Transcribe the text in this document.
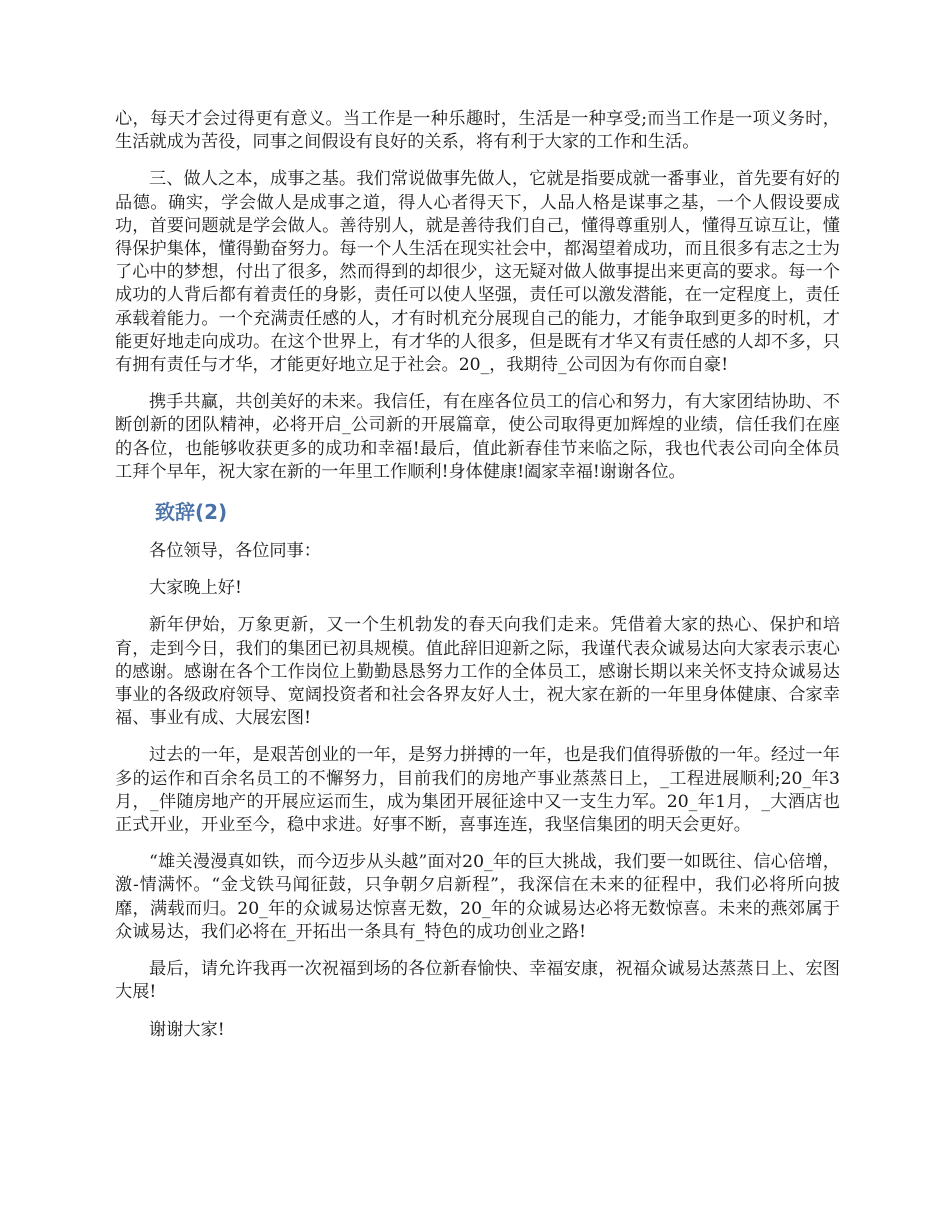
心，每天才会过得更有意义。当工作是一种乐趣时，生活是一种享受;而当工作是一项义务时，生活就成为苦役，同事之间假设有良好的关系，将有利于大家的工作和生活。

三、做人之本，成事之基。我们常说做事先做人，它就是指要成就一番事业，首先要有好的品德。确实，学会做人是成事之道，得人心者得天下，人品人格是谋事之基，一个人假设要成功，首要问题就是学会做人。善待别人，就是善待我们自己，懂得尊重别人，懂得互谅互让，懂得保护集体，懂得勤奋努力。每一个人生活在现实社会中，都渴望着成功，而且很多有志之士为了心中的梦想，付出了很多，然而得到的却很少，这无疑对做人做事提出来更高的要求。每一个成功的人背后都有着责任的身影，责任可以使人坚强，责任可以激发潜能，在一定程度上，责任承载着能力。一个充满责任感的人，才有时机充分展现自己的能力，才能争取到更多的时机，才能更好地走向成功。在这个世界上，有才华的人很多，但是既有才华又有责任感的人却不多，只有拥有责任与才华，才能更好地立足于社会。20_，我期待_公司因为有你而自豪!

携手共赢，共创美好的未来。我信任，有在座各位员工的信心和努力，有大家团结协助、不断创新的团队精神，必将开启_公司新的开展篇章，使公司取得更加辉煌的业绩，信任我们在座的各位，也能够收获更多的成功和幸福!最后，值此新春佳节来临之际，我也代表公司向全体员工拜个早年，祝大家在新的一年里工作顺利!身体健康!阖家幸福!谢谢各位。

致辞(2)

各位领导，各位同事：

大家晚上好!

新年伊始，万象更新，又一个生机勃发的春天向我们走来。凭借着大家的热心、保护和培育，走到今日，我们的集团已初具规模。值此辞旧迎新之际，我谨代表众诚易达向大家表示衷心的感谢。感谢在各个工作岗位上勤勤恳恳努力工作的全体员工，感谢长期以来关怀支持众诚易达事业的各级政府领导、宽阔投资者和社会各界友好人士，祝大家在新的一年里身体健康、合家幸福、事业有成、大展宏图!

过去的一年，是艰苦创业的一年，是努力拼搏的一年，也是我们值得骄傲的一年。经过一年多的运作和百余名员工的不懈努力，目前我们的房地产事业蒸蒸日上，_工程进展顺利;20_年3月，_伴随房地产的开展应运而生，成为集团开展征途中又一支生力军。20_年1月，_大酒店也正式开业，开业至今，稳中求进。好事不断，喜事连连，我坚信集团的明天会更好。

“雄关漫漫真如铁，而今迈步从头越”面对20_年的巨大挑战，我们要一如既往、信心倍增，激-情满怀。“金戈铁马闻征鼓，只争朝夕启新程”，我深信在未来的征程中，我们必将所向披靡，满载而归。20_年的众诚易达惊喜无数，20_年的众诚易达必将无数惊喜。未来的燕郊属于众诚易达，我们必将在_开拓出一条具有_特色的成功创业之路!

最后，请允许我再一次祝福到场的各位新春愉快、幸福安康，祝福众诚易达蒸蒸日上、宏图大展!

谢谢大家!
